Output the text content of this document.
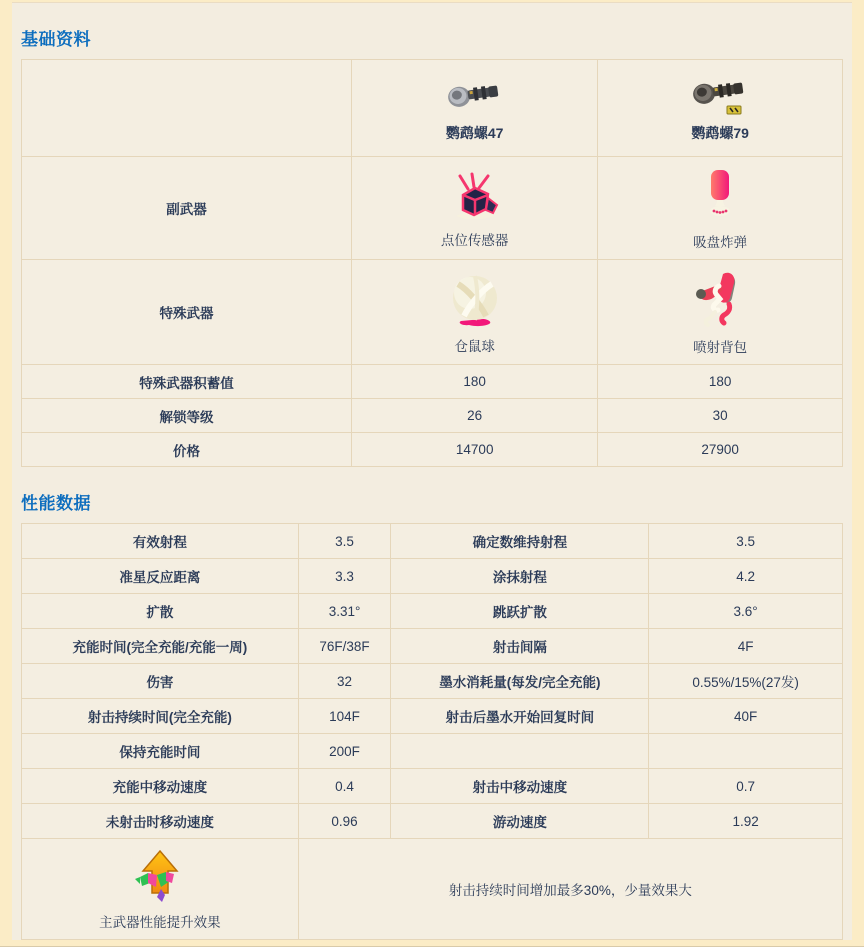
基础资料

	鹦鹉螺47	鹦鹉螺79

副武器	点位传感器	吸盘炸弹

特殊武器	仓鼠球	喷射背包

特殊武器积蓄值	180	180
解锁等级	26	30
价格	14700	27900
性能数据
有效射程	3.5	确定数维持射程	3.5
准星反应距离	3.3	涂抹射程	4.2
扩散	3.31°	跳跃扩散	3.6°
充能时间(完全充能/充能一周)	76F/38F	射击间隔	4F
伤害	32	墨水消耗量(每发/完全充能)	0.55%/15%(27发)
射击持续时间(完全充能)	104F	射击后墨水开始回复时间	40F
保持充能时间	200F		
充能中移动速度	0.4	射击中移动速度	0.7
未射击时移动速度	0.96	游动速度	1.92

主武器性能提升效果	射击持续时间增加最多30%，少量效果大		
